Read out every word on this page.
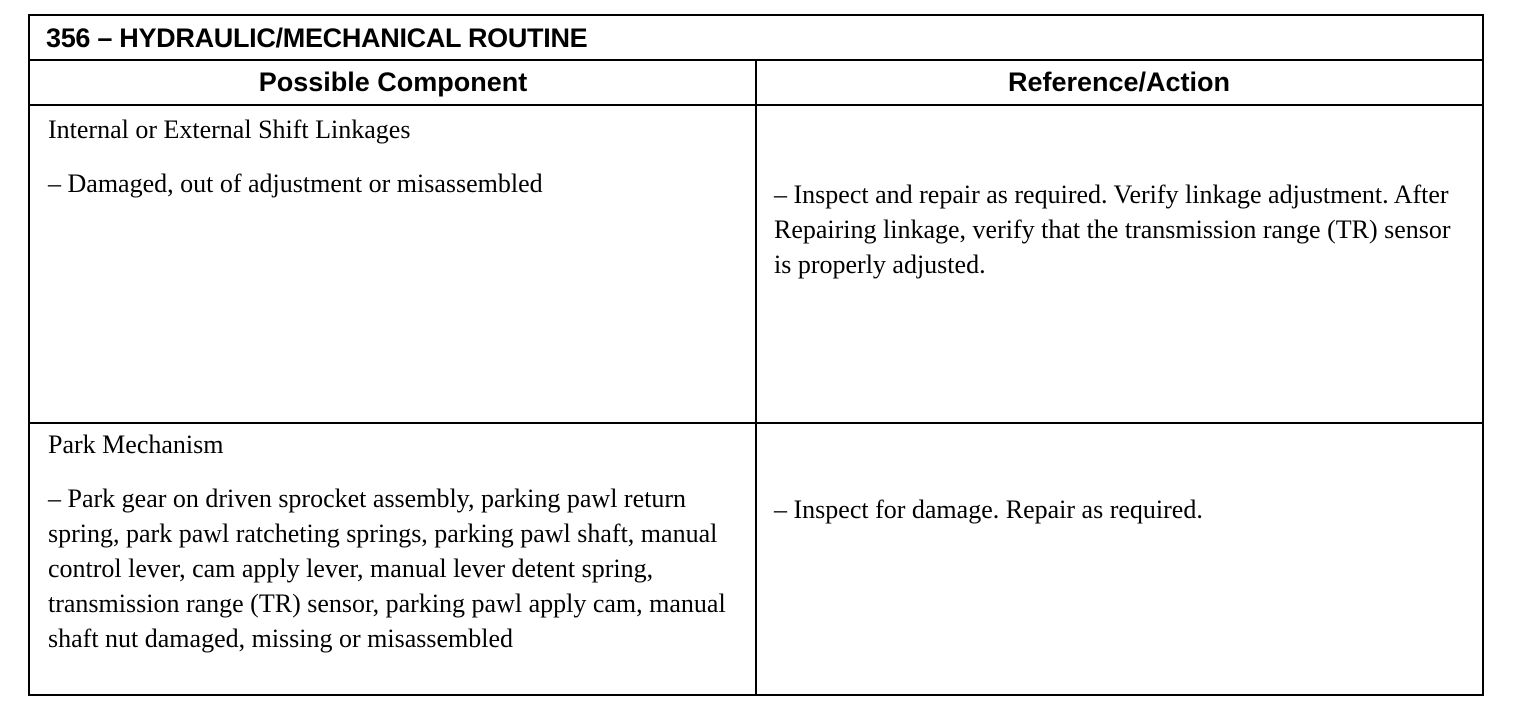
356 – HYDRAULIC/MECHANICAL ROUTINE
Possible Component	Reference/Action

Internal or External Shift Linkages

– Damaged, out of adjustment or misassembled	– Inspect and repair as required. Verify linkage adjustment. After Repairing linkage, verify that the transmission range (TR) sensor is properly adjusted.

Park Mechanism

– Park gear on driven sprocket assembly, parking pawl return spring, park pawl ratcheting springs, parking pawl shaft, manual control lever, cam apply lever, manual lever detent spring, transmission range (TR) sensor, parking pawl apply cam, manual shaft nut damaged, missing or misassembled

– Inspect for damage. Repair as required.
